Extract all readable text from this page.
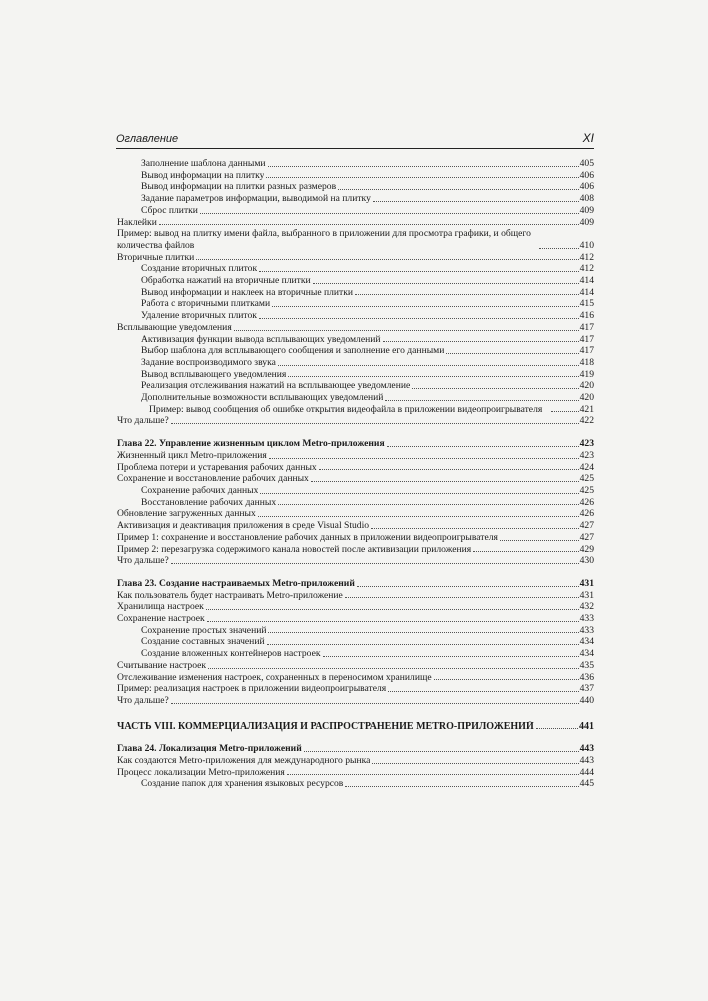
Оглавление	XI
Заполнение шаблона данными	405
Вывод информации на плитку	406
Вывод информации на плитки разных размеров	406
Задание параметров информации, выводимой на плитку	408
Сброс плитки	409
Наклейки	409
Пример: вывод на плитку имени файла, выбранного в приложении для просмотра графики, и общего количества файлов	410
Вторичные плитки	412
Создание вторичных плиток	412
Обработка нажатий на вторичные плитки	414
Вывод информации и наклеек на вторичные плитки	414
Работа с вторичными плитками	415
Удаление вторичных плиток	416
Всплывающие уведомления	417
Активизация функции вывода всплывающих уведомлений	417
Выбор шаблона для всплывающего сообщения и заполнение его данными	417
Задание воспроизводимого звука	418
Вывод всплывающего уведомления	419
Реализация отслеживания нажатий на всплывающее уведомление	420
Дополнительные возможности всплывающих уведомлений	420
Пример: вывод сообщения об ошибке открытия видеофайла в приложении видеопроигрывателя	421
Что дальше?	422
Глава 22. Управление жизненным циклом Metro-приложения	423
Жизненный цикл Metro-приложения	423
Проблема потери и устаревания рабочих данных	424
Сохранение и восстановление рабочих данных	425
Сохранение рабочих данных	425
Восстановление рабочих данных	426
Обновление загруженных данных	426
Активизация и деактивация приложения в среде Visual Studio	427
Пример 1: сохранение и восстановление рабочих данных в приложении видеопроигрывателя	427
Пример 2: перезагрузка содержимого канала новостей после активизации приложения	429
Что дальше?	430
Глава 23. Создание настраиваемых Metro-приложений	431
Как пользователь будет настраивать Metro-приложение	431
Хранилища настроек	432
Сохранение настроек	433
Сохранение простых значений	433
Создание составных значений	434
Создание вложенных контейнеров настроек	434
Считывание настроек	435
Отслеживание изменения настроек, сохраненных в переносимом хранилище	436
Пример: реализация настроек в приложении видеопроигрывателя	437
Что дальше?	440
ЧАСТЬ VIII. КОММЕРЦИАЛИЗАЦИЯ И РАСПРОСТРАНЕНИЕ METRO-ПРИЛОЖЕНИЙ	441
Глава 24. Локализация Metro-приложений	443
Как создаются Metro-приложения для международного рынка	443
Процесс локализации Metro-приложения	444
Создание папок для хранения языковых ресурсов	445
